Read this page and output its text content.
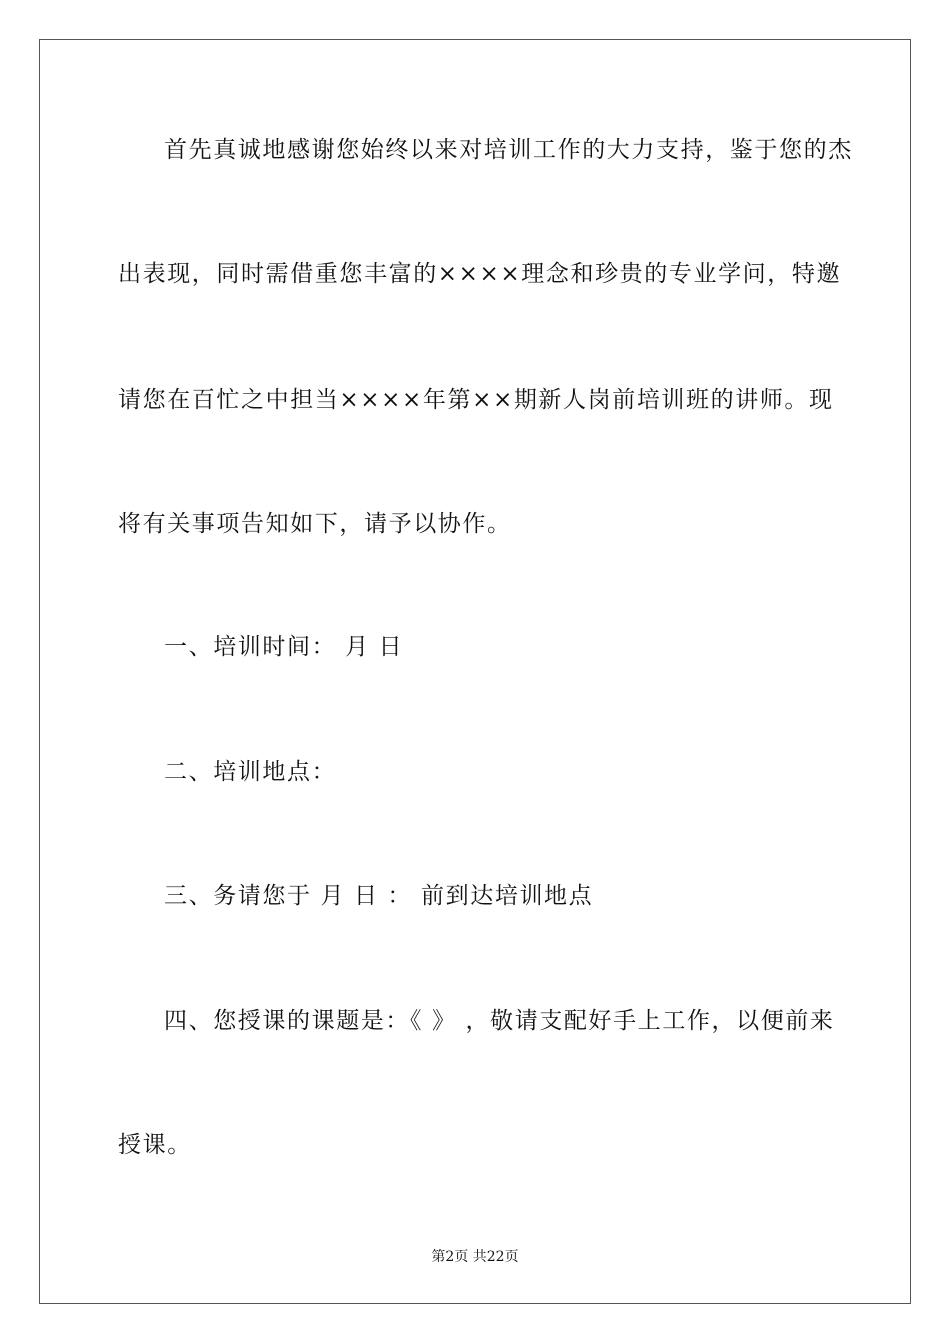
首先真诚地感谢您始终以来对培训工作的大力支持，鉴于您的杰
出表现，同时需借重您丰富的××××理念和珍贵的专业学问，特邀
请您在百忙之中担当××××年第××期新人岗前培训班的讲师。现
将有关事项告知如下，请予以协作。
一、培训时间： 月 日
二、培训地点：
三、务请您于 月 日 ： 前到达培训地点
四、您授课的课题是：《 》 ，敬请支配好手上工作，以便前来
授课。
第2页 共22页
